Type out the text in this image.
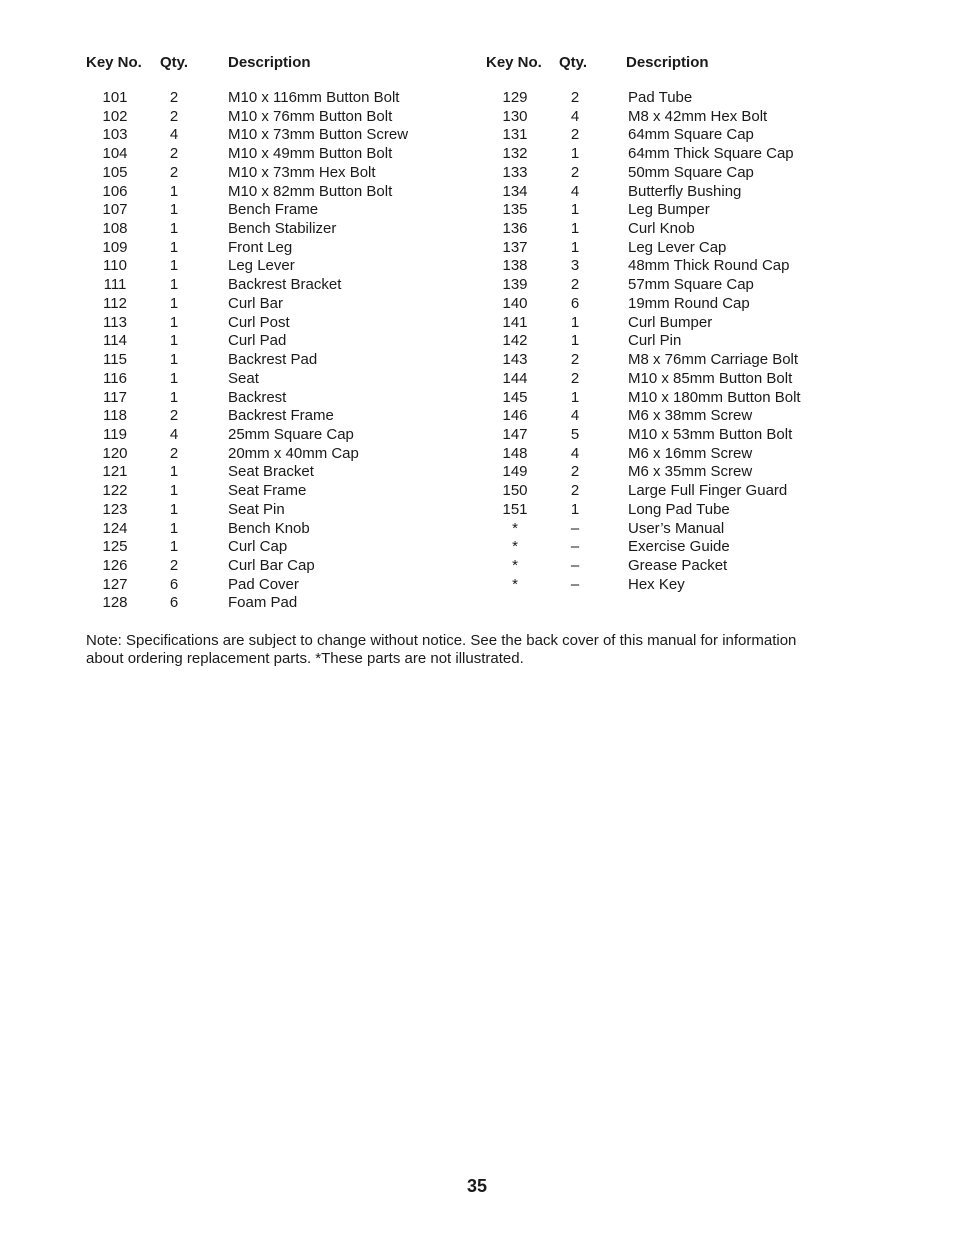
Key No. Qty.	Description
101	2	M10 x 116mm Button Bolt
102	2	M10 x 76mm Button Bolt
103	4	M10 x 73mm Button Screw
104	2	M10 x 49mm Button Bolt
105	2	M10 x 73mm Hex Bolt
106	1	M10 x 82mm Button Bolt
107	1	Bench Frame
108	1	Bench Stabilizer
109	1	Front Leg
110	1	Leg Lever
111	1	Backrest Bracket
112	1	Curl Bar
113	1	Curl Post
114	1	Curl Pad
115	1	Backrest Pad
116	1	Seat
117	1	Backrest
118	2	Backrest Frame
119	4	25mm Square Cap
120	2	20mm x 40mm Cap
121	1	Seat Bracket
122	1	Seat Frame
123	1	Seat Pin
124	1	Bench Knob
125	1	Curl Cap
126	2	Curl Bar Cap
127	6	Pad Cover
128	6	Foam Pad
Key No. Qty.	Description
129	2	Pad Tube
130	4	M8 x 42mm Hex Bolt
131	2	64mm Square Cap
132	1	64mm Thick Square Cap
133	2	50mm Square Cap
134	4	Butterfly Bushing
135	1	Leg Bumper
136	1	Curl Knob
137	1	Leg Lever Cap
138	3	48mm Thick Round Cap
139	2	57mm Square Cap
140	6	19mm Round Cap
141	1	Curl Bumper
142	1	Curl Pin
143	2	M8 x 76mm Carriage Bolt
144	2	M10 x 85mm Button Bolt
145	1	M10 x 180mm Button Bolt
146	4	M6 x 38mm Screw
147	5	M10 x 53mm Button Bolt
148	4	M6 x 16mm Screw
149	2	M6 x 35mm Screw
150	2	Large Full Finger Guard
151	1	Long Pad Tube
*	–	User’s Manual
*	–	Exercise Guide
*	–	Grease Packet
*	–	Hex Key
Note: Specifications are subject to change without notice. See the back cover of this manual for information
about ordering replacement parts. *These parts are not illustrated.
35
